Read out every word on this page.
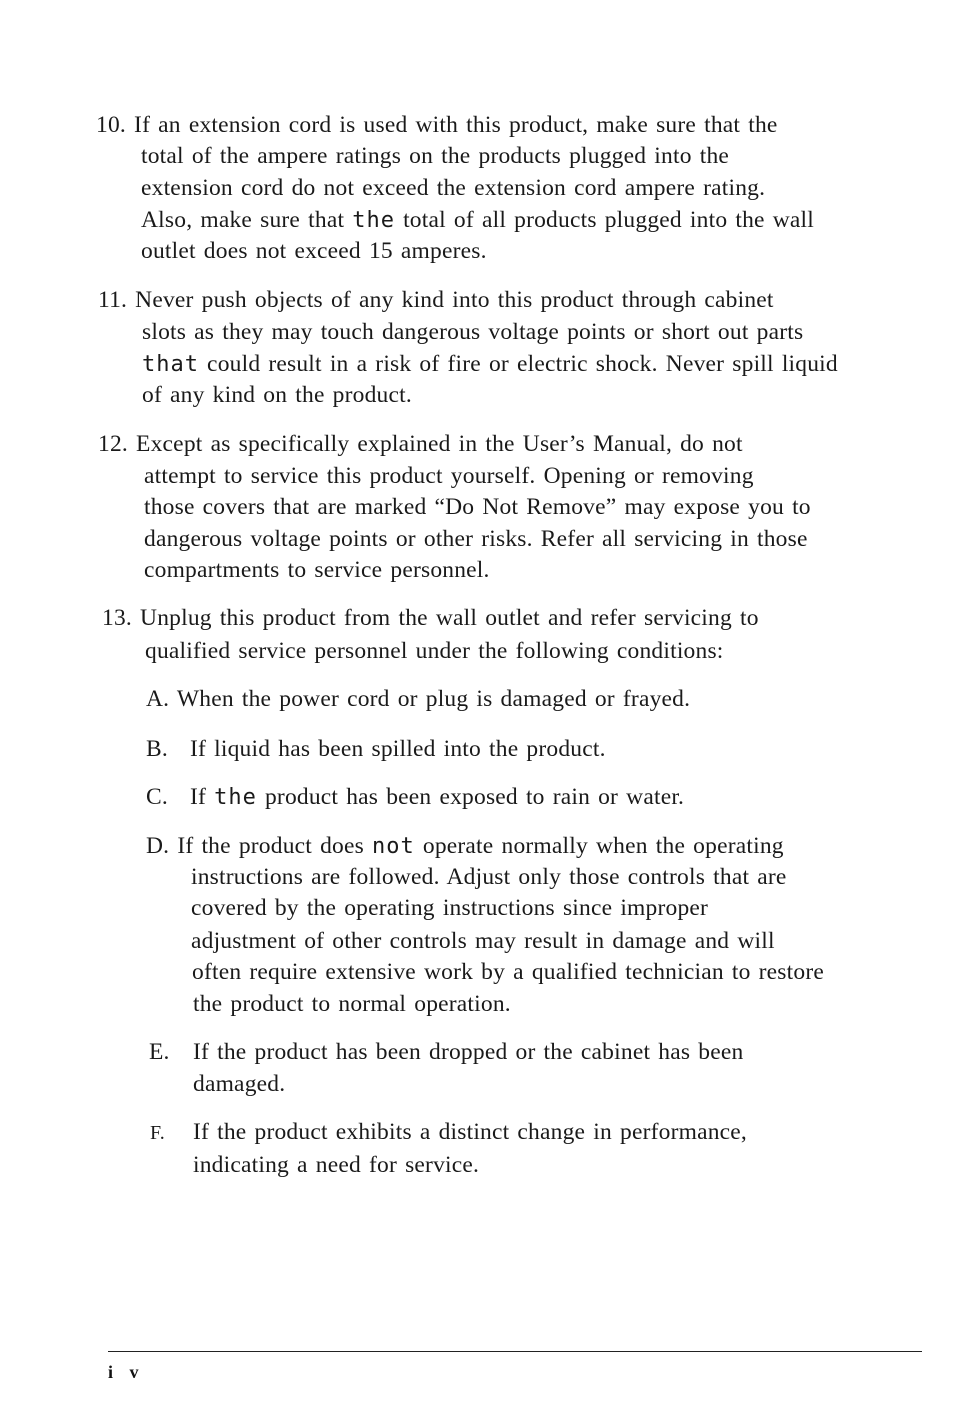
10. If an extension cord is used with this product, make sure that the
total of the ampere ratings on the products plugged into the
extension cord do not exceed the extension cord ampere rating.
Also, make sure that the total of all products plugged into the wall
outlet does not exceed 15 amperes.
11. Never push objects of any kind into this product through cabinet
slots as they may touch dangerous voltage points or short out parts
that could result in a risk of fire or electric shock. Never spill liquid
of any kind on the product.
12. Except as specifically explained in the User’s Manual, do not
attempt to service this product yourself. Opening or removing
those covers that are marked “Do Not Remove” may expose you to
dangerous voltage points or other risks. Refer all servicing in those
compartments to service personnel.
13. Unplug this product from the wall outlet and refer servicing to
qualified service personnel under the following conditions:
A. When the power cord or plug is damaged or frayed.
B. If liquid has been spilled into the product.
C. If the product has been exposed to rain or water.
D. If the product does not operate normally when the operating
instructions are followed. Adjust only those controls that are
covered by the operating instructions since improper
adjustment of other controls may result in damage and will
often require extensive work by a qualified technician to restore
the product to normal operation.
E. If the product has been dropped or the cabinet has been
damaged.
F. If the product exhibits a distinct change in performance,
indicating a need for service.
i v
